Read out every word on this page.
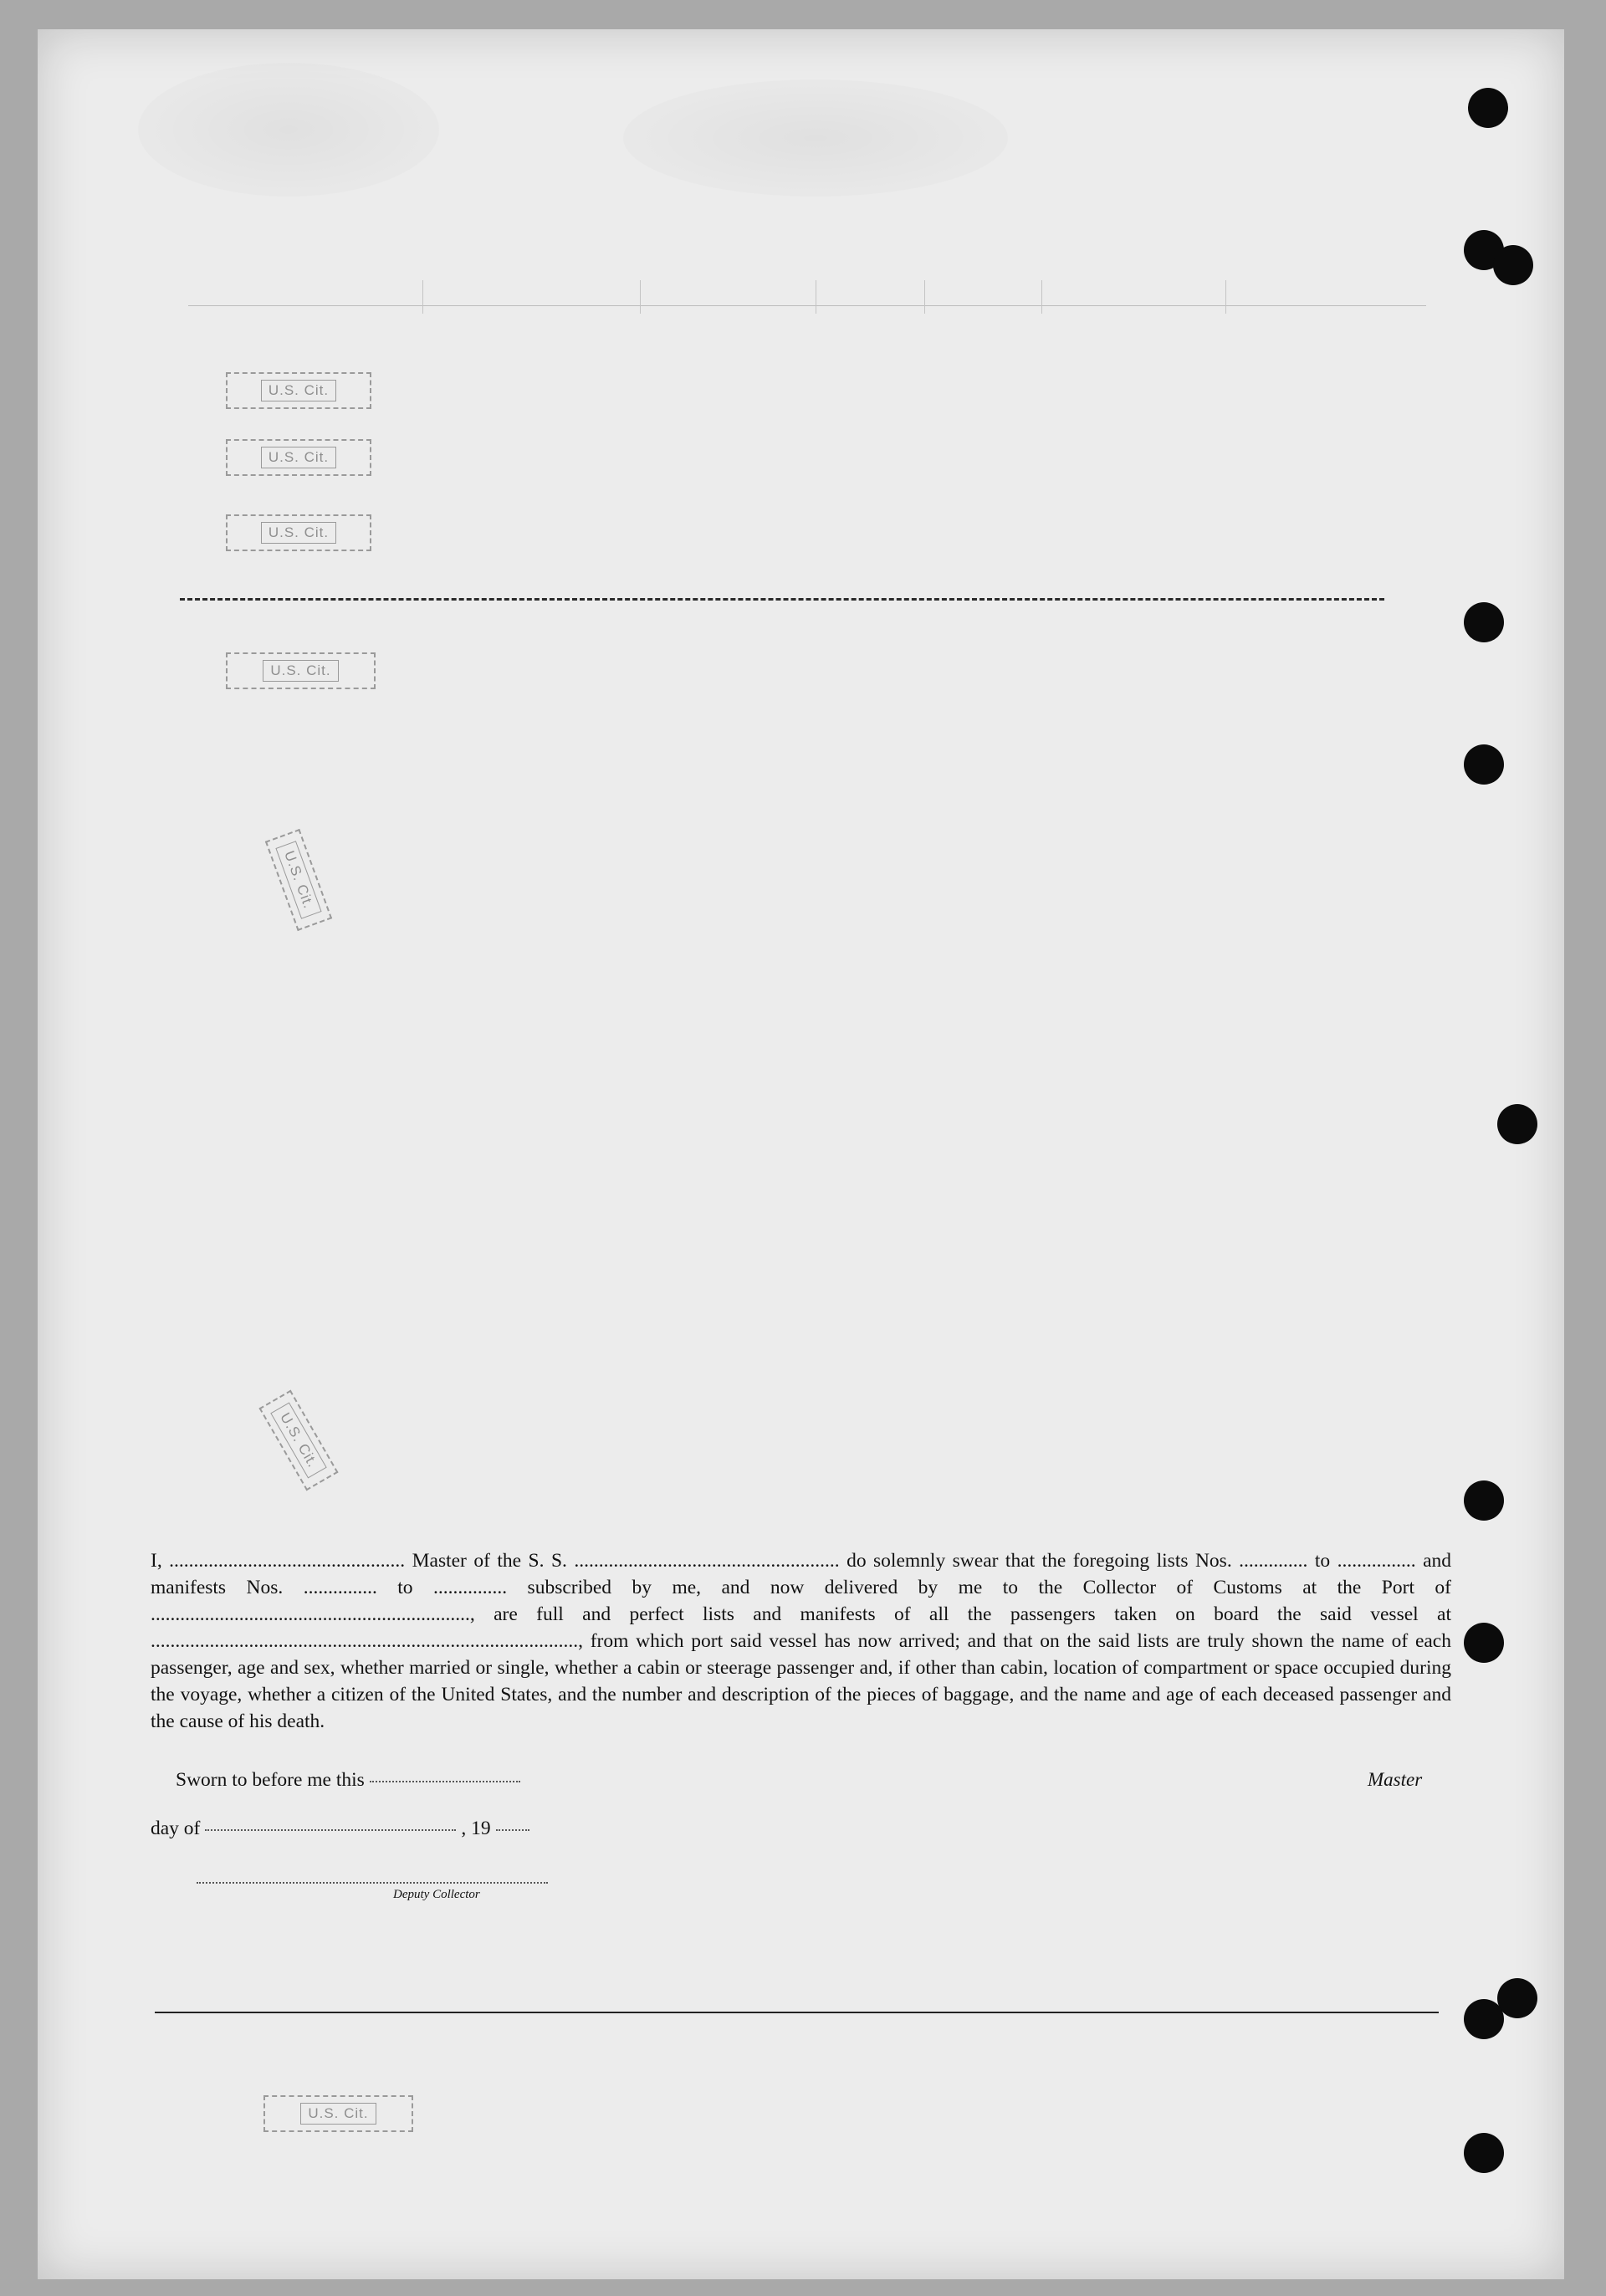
U.S. Cit.
U.S. Cit.
U.S. Cit.
U.S. Cit.
U.S. Cit.
U.S. Cit.
U.S. Cit.
I, ................................................ Master of the S. S. ...................................................... do solemnly swear that the foregoing lists Nos. .............. to ................ and manifests Nos. ............... to ............... subscribed by me, and now delivered by me to the Collector of Customs at the Port of ................................................................., are full and perfect lists and manifests of all the passengers taken on board the said vessel at ......................................................................................., from which port said vessel has now arrived; and that on the said lists are truly shown the name of each passenger, age and sex, whether married or single, whether a cabin or steerage passenger and, if other than cabin, location of compartment or space occupied during the voyage, whether a citizen of the United States, and the number and description of the pieces of baggage, and the name and age of each deceased passenger and the cause of his death.
Sworn to before me this	Master
day of	, 19
Deputy Collector
